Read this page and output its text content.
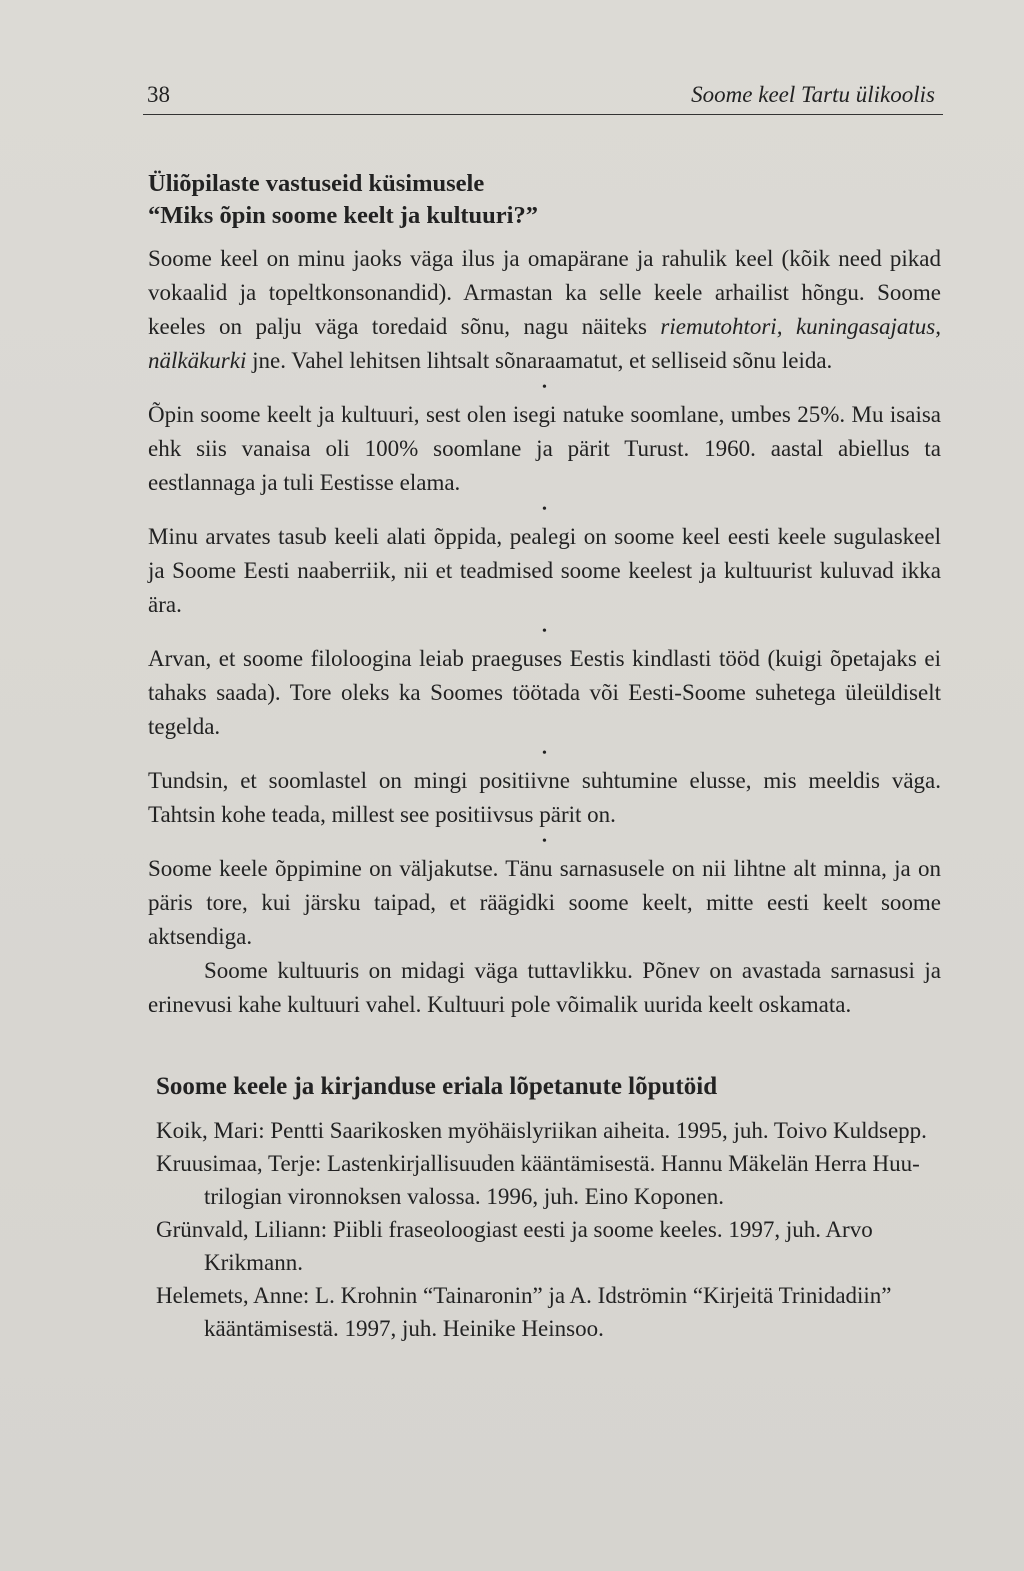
38	Soome keel Tartu ülikoolis
Üliõpilaste vastuseid küsimusele
“Miks õpin soome keelt ja kultuuri?”

Soome keel on minu jaoks väga ilus ja omapärane ja rahulik keel (kõik need pikad vokaalid ja topeltkonsonandid). Armastan ka selle keele arhailist hõngu. Soome keeles on palju väga toredaid sõnu, nagu näiteks riemutohtori, kuningasajatus, nälkäkurki jne. Vahel lehitsen lihtsalt sõnaraamatut, et selliseid sõnu leida.

•

Õpin soome keelt ja kultuuri, sest olen isegi natuke soomlane, umbes 25%. Mu isaisa ehk siis vanaisa oli 100% soomlane ja pärit Turust. 1960. aastal abiellus ta eestlannaga ja tuli Eestisse elama.

•

Minu arvates tasub keeli alati õppida, pealegi on soome keel eesti keele sugulaskeel ja Soome Eesti naaberriik, nii et teadmised soome keelest ja kultuurist kuluvad ikka ära.

•

Arvan, et soome filoloogina leiab praeguses Eestis kindlasti tööd (kuigi õpetajaks ei tahaks saada). Tore oleks ka Soomes töötada või Eesti-Soome suhetega üleüldiselt tegelda.

•

Tundsin, et soomlastel on mingi positiivne suhtumine elusse, mis meeldis väga. Tahtsin kohe teada, millest see positiivsus pärit on.

•

Soome keele õppimine on väljakutse. Tänu sarnasusele on nii lihtne alt minna, ja on päris tore, kui järsku taipad, et räägidki soome keelt, mitte eesti keelt soome aktsendiga.

Soome kultuuris on midagi väga tuttavlikku. Põnev on avastada sarnasusi ja erinevusi kahe kultuuri vahel. Kultuuri pole võimalik uurida keelt oskamata.

Soome keele ja kirjanduse eriala lõpetanute lõputöid
Koik, Mari: Pentti Saarikosken myöhäislyriikan aiheita. 1995, juh. Toivo Kuldsepp.
Kruusimaa, Terje: Lastenkirjallisuuden kääntämisestä. Hannu Mäkelän Herra Huu-trilogian vironnoksen valossa. 1996, juh. Eino Koponen.
Grünvald, Liliann: Piibli fraseoloogiast eesti ja soome keeles. 1997, juh. Arvo Krikmann.
Helemets, Anne: L. Krohnin “Tainaronin” ja A. Idströmin “Kirjeitä Trinidadiin” kääntämisestä. 1997, juh. Heinike Heinsoo.
